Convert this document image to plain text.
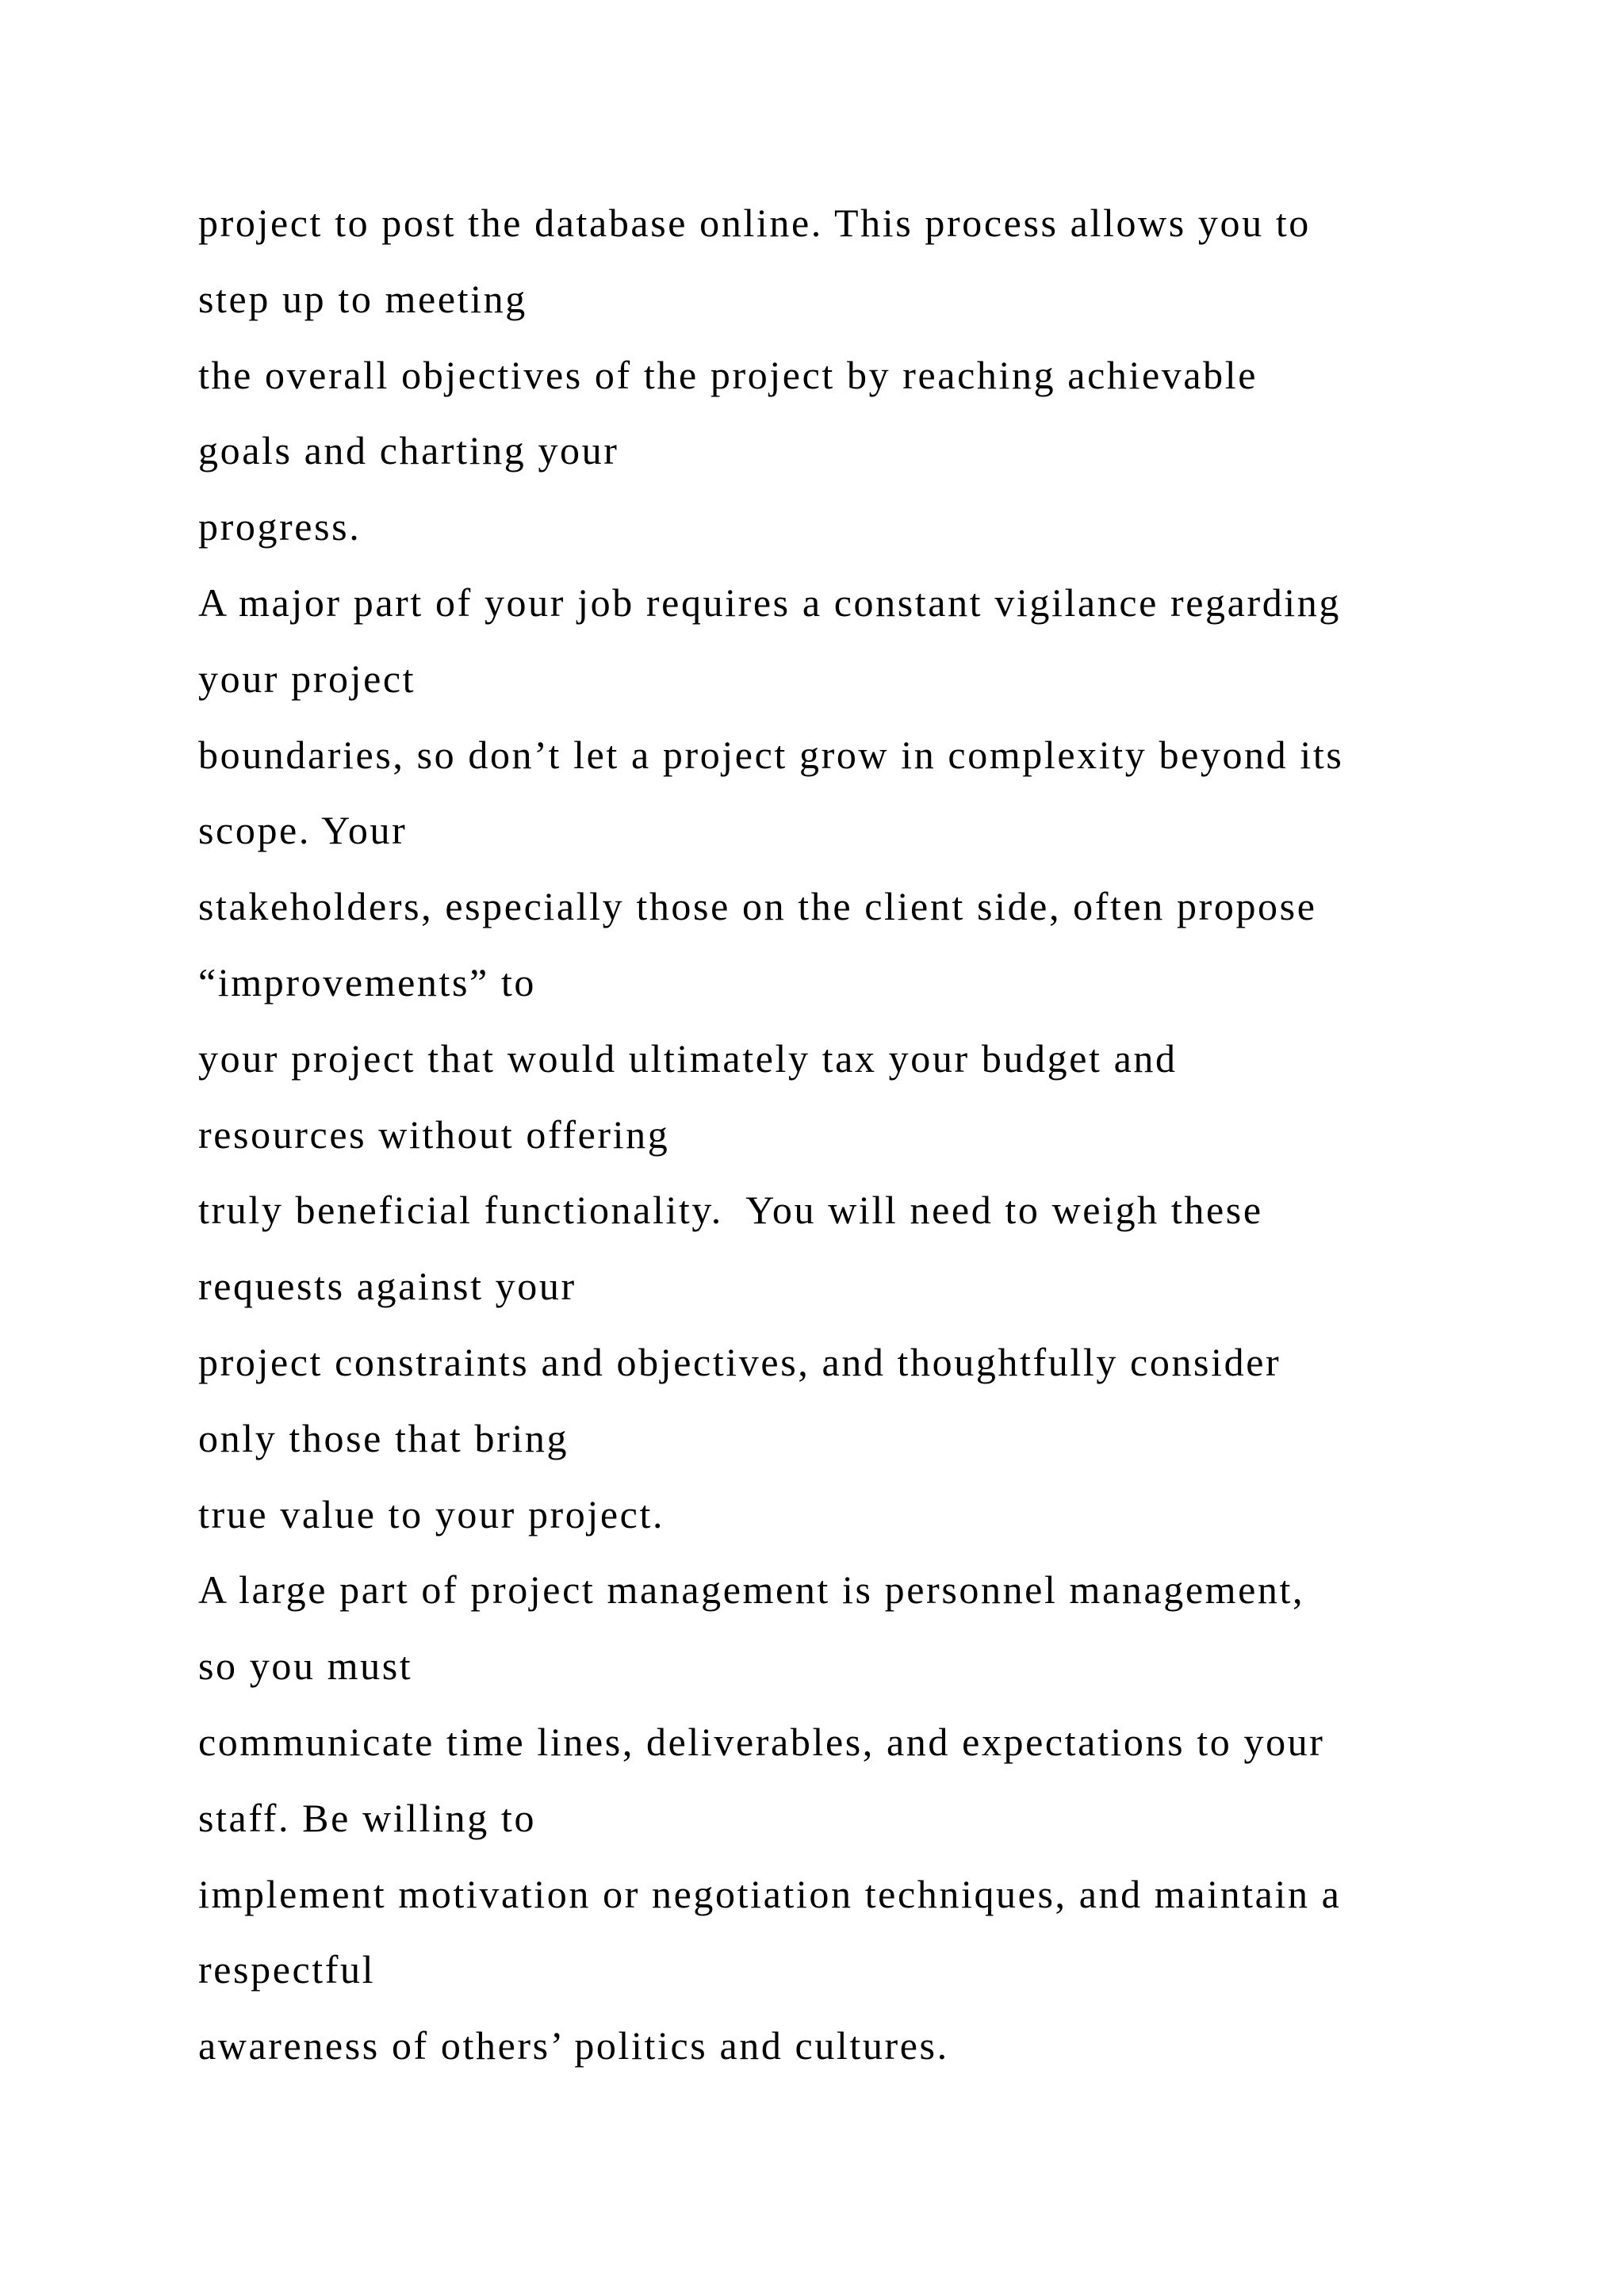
project to post the database online. This process allows you to
step up to meeting
the overall objectives of the project by reaching achievable
goals and charting your
progress.
A major part of your job requires a constant vigilance regarding
your project
boundaries, so don’t let a project grow in complexity beyond its
scope. Your
stakeholders, especially those on the client side, often propose
“improvements” to
your project that would ultimately tax your budget and
resources without offering
truly beneficial functionality.  You will need to weigh these
requests against your
project constraints and objectives, and thoughtfully consider
only those that bring
true value to your project.
A large part of project management is personnel management,
so you must
communicate time lines, deliverables, and expectations to your
staff. Be willing to
implement motivation or negotiation techniques, and maintain a
respectful
awareness of others’ politics and cultures.
